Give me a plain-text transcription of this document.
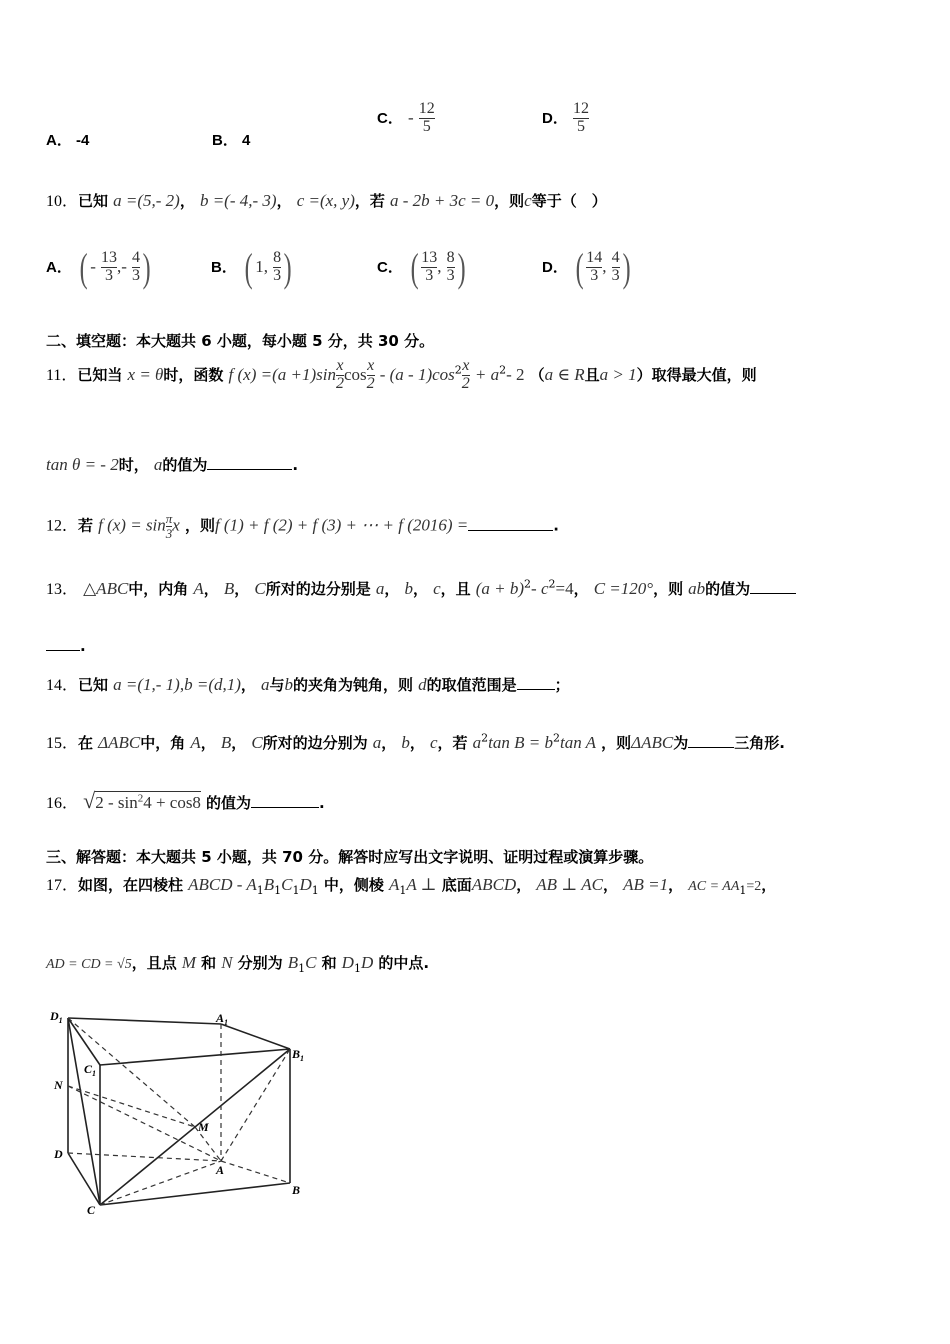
A． -4	B． 4
C． - $\frac{12}{5}$	D． $\frac{12}{5}$
10．已知 a =(5,- 2)， b =(- 4,- 3)， c =(x, y)，若 a - 2b + 3c = 0，则c等于（　）
A． ( - $\frac{13}{3}$ ,- $\frac{4}{3}$ )	B． ( 1, $\frac{8}{3}$ )	C． ( $\frac{13}{3}$ , $\frac{8}{3}$ )	D． ( $\frac{14}{3}$ , $\frac{4}{3}$ )
二、填空题：本大题共 6 小题，每小题 5 分，共 30 分。
11．已知当 x = θ时，函数 f $(x) =(a +1)\sin \frac{x}{2}$ $\cos \frac{x}{2} - (a - 1)\cos^2 \frac{x}{2} + a^2-$ 2 （a ∈ R且a > 1）取得最大值，则
tan θ = - 2时， a的值为	.
12．若 f $(x) = \sin \frac{\pi}{3}$ x ，则f (1) + f (2) + f (3) + ⋯ + f (2016) =	.
13． △ABC中，内角 A， B， C所对的边分别是 a， b， c，且 $(a + b)^2-$ $c^2=4$， C =120°，则 ab的值为
.
14．已知 a =(1,- 1),b =(d,1)， a与b的夹角为钝角，则 d的取值范围是	；
15．在 ΔABC中，角 A， B， C所对的边分别为 a， b， c，若 $a^2\tan$ $B = b^2\tan$ A ，则ΔABC为	三角形.
16． $√2 - \sin^24 + \cos 8$ 的值为	.
三、解答题：本大题共 5 小题，共 70 分。解答时应写出文字说明、证明过程或演算步骤。
17．如图，在四棱柱 ABCD - $A_1B_1C_1D_1$ 中，侧棱 $A_1A$ ⊥ 底面ABCD， AB ⊥ AC， AB =1， AC = $AA_1=2$，
AD = CD = √5，且点 M 和 N 分别为 $B_1C$ 和 $D_1D$ 的中点.
$D_1$	$A_1$
$B_1$
$C_1$
N
M
D
A
B
C
